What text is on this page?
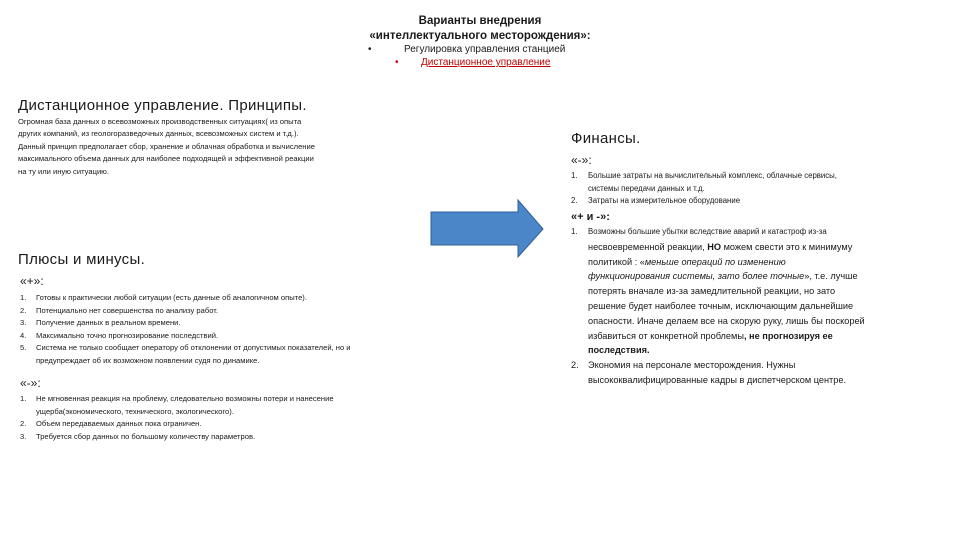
Варианты внедрения
«интеллектуального месторождения»:
•	Регулировка управления станцией
• Дистанционное управление
Дистанционное управление. Принципы.
Огромная база данных о всевозможных производственных ситуациях( из опыта
других компаний, из геологоразведочных данных, всевозможных систем и т.д.).
Данный принцип предполагает сбор, хранение и облачная обработка и вычисление
максимального объема данных для наиболее подходящей и эффективной реакции
на ту или иную ситуацию.
Плюсы и минусы.
«+»:
1. Готовы к практически любой ситуации (есть данные об аналогичном опыте).
2. Потенциально нет совершенства по анализу работ.
3. Получение данных в реальном времени.
4. Максимально точно прогнозирование последствий.
5. Система не только сообщает оператору об отклонении от допустимых показателей, но и
предупреждает об их возможном появлении судя по динамике.
«-»:
1. Не мгновенная реакция на проблему, следовательно возможны потери и нанесение
ущерба(экономического, технического, экологического).
2. Объем передаваемых данных пока ограничен.
3. Требуется сбор данных по большому количеству параметров.
Финансы.
«-»:
1. Большие затраты на вычислительный комплекс, облачные сервисы,
системы передачи данных и т.д.
2. Затраты на измерительное оборудование
«+ и -»:
1. Возможны большие убытки вследствие аварий и катастроф из-за
несвоевременной реакции, НО можем свести это к минимуму
политикой : «меньше операций по изменению
функционирования системы, зато более точные», т.е. лучше
потерять вначале из-за замедлительной реакции, но зато
решение будет наиболее точным, исключающим дальнейшие
опасности. Иначе делаем все на скорую руку, лишь бы поскорей
избавиться от конкретной проблемы, не прогнозируя ее
последствия.
2. Экономия на персонале месторождения. Нужны
высококвалифицированные кадры в диспетчерском центре.
